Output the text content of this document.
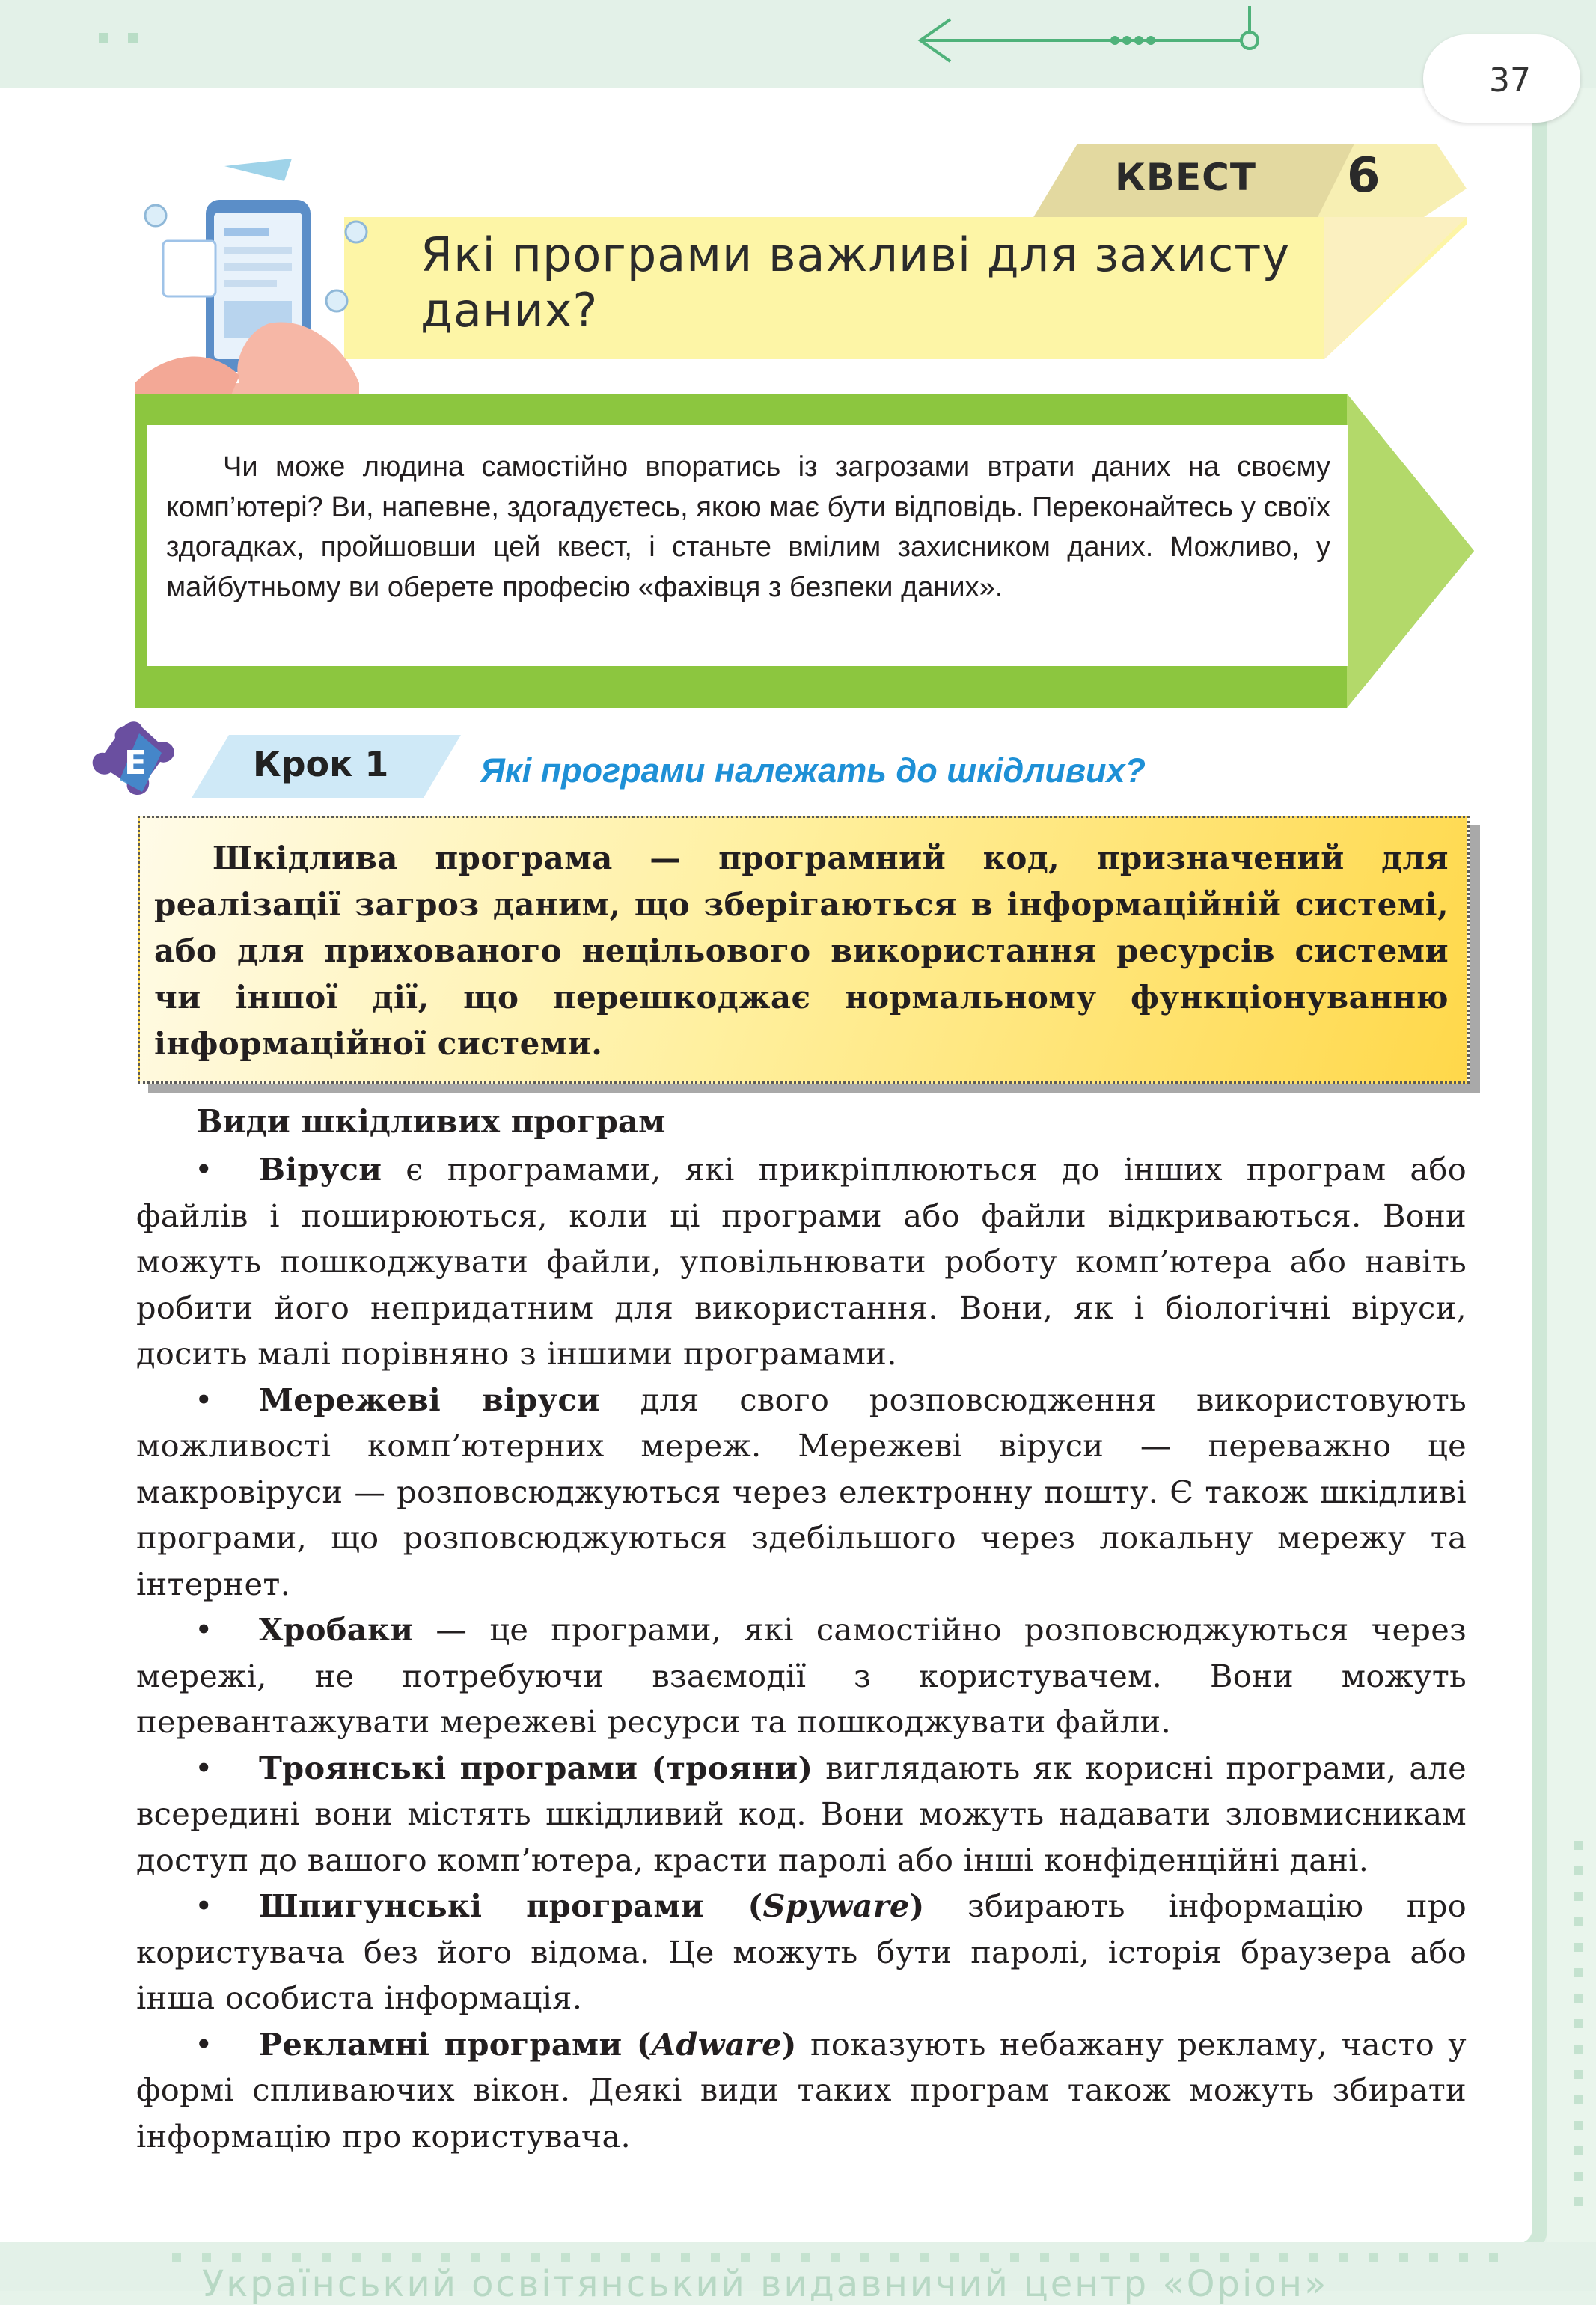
37
КВЕСТ 6
Які програми важливі для захисту даних?
Чи може людина самостійно впоратись із загрозами втрати даних на своєму комп’ютері? Ви, напевне, здогадуєтесь, якою має бути відповідь. Переконайтесь у своїх здогадках, пройшовши цей квест, і станьте вмілим захисником даних. Можливо, у майбутньому ви оберете професію «фахівця з безпеки даних».
E	Крок 1	Які програми належать до шкідливих?
Шкідлива програма — програмний код, призначений для реалізації загроз даним, що зберігаються в інформаційній системі, або для прихованого нецільового використання ресурсів системи чи іншої дії, що перешкоджає нормальному функціонуванню інформаційної системи.
Види шкідливих програм

• Віруси є програмами, які прикріплюються до інших програм або файлів і поширюються, коли ці програми або файли відкриваються. Вони можуть пошкоджувати файли, уповільнювати роботу комп’ютера або навіть робити його непридатним для використання. Вони, як і біологічні віруси, досить малі порівняно з іншими програмами.

• Мережеві віруси для свого розповсюдження використовують можливості комп’ютерних мереж. Мережеві віруси — переважно це макровіруси — розповсюджуються через електронну пошту. Є також шкідливі програми, що розповсюджуються здебільшого через локальну мережу та інтернет.

• Хробаки — це програми, які самостійно розповсюджуються через мережі, не потребуючи взаємодії з користувачем. Вони можуть перевантажувати мережеві ресурси та пошкоджувати файли.

• Троянські програми (трояни) виглядають як корисні програми, але всередині вони містять шкідливий код. Вони можуть надавати зловмисникам доступ до вашого комп’ютера, красти паролі або інші конфіденційні дані.

• Шпигунські програми (Spyware) збирають інформацію про користувача без його відома. Це можуть бути паролі, історія браузера або інша особиста інформація.

• Рекламні програми (Adware) показують небажану рекламу, часто у формі спливаючих вікон. Деякі види таких програм також можуть збирати інформацію про користувача.

Український освітянський видавничий центр «Оріон»
